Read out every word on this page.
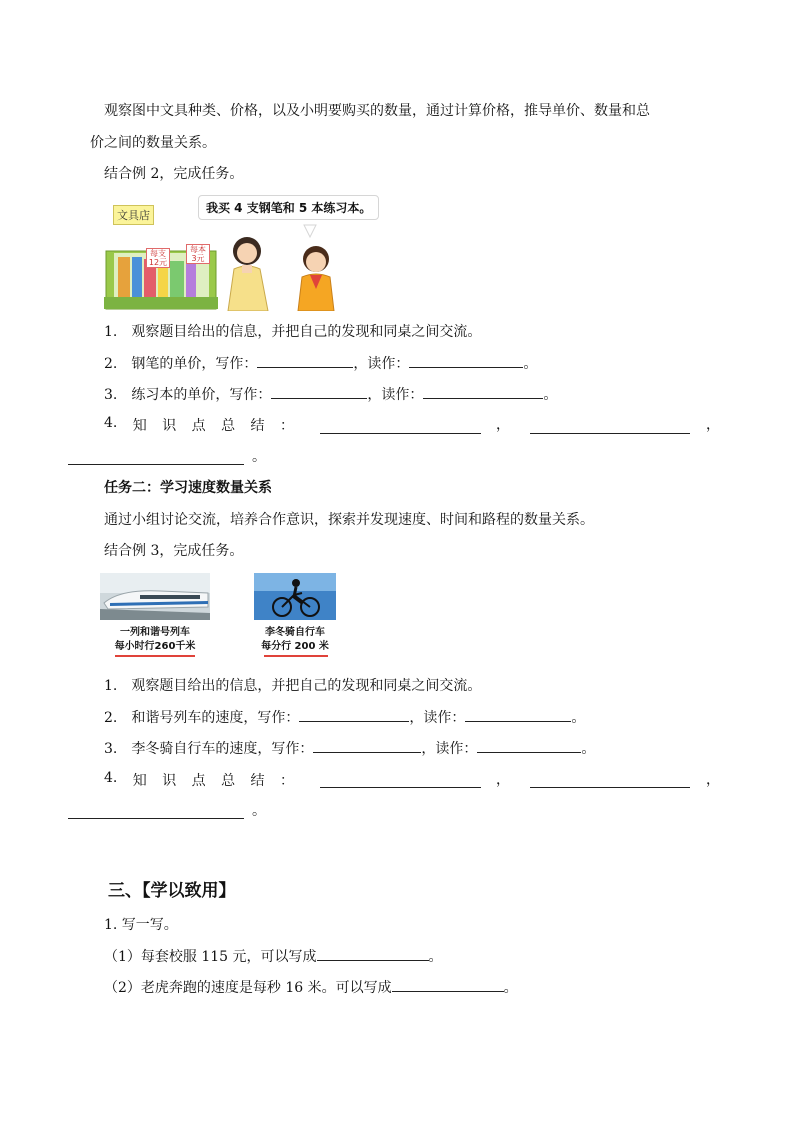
观察图中文具种类、价格，以及小明要购买的数量，通过计算价格，推导单价、数量和总
价之间的数量关系。
结合例 2，完成任务。
文具店
我买 4 支钢笔和 5 本练习本。
每支 12元
每本 3元
1.　观察题目给出的信息，并把自己的发现和同桌之间交流。
2.　钢笔的单价，写作：	，读作：	。
3.　练习本的单价，写作：	，读作：	。
4. 知 识 点 总 结 ：	，	，
。
任务二：学习速度数量关系
通过小组讨论交流，培养合作意识，探索并发现速度、时间和路程的数量关系。
结合例 3，完成任务。
一列和谐号列车
每小时行260千米
李冬骑自行车
每分行 200 米
1.　观察题目给出的信息，并把自己的发现和同桌之间交流。
2.　和谐号列车的速度，写作：	，读作：	。
3.　李冬骑自行车的速度，写作：	，读作：	。
4. 知 识 点 总 结 ：	，	，
。
三、【学以致用】
1. 写一写。
（1）每套校服 115 元，可以写成	。
（2）老虎奔跑的速度是每秒 16 米。可以写成	。
